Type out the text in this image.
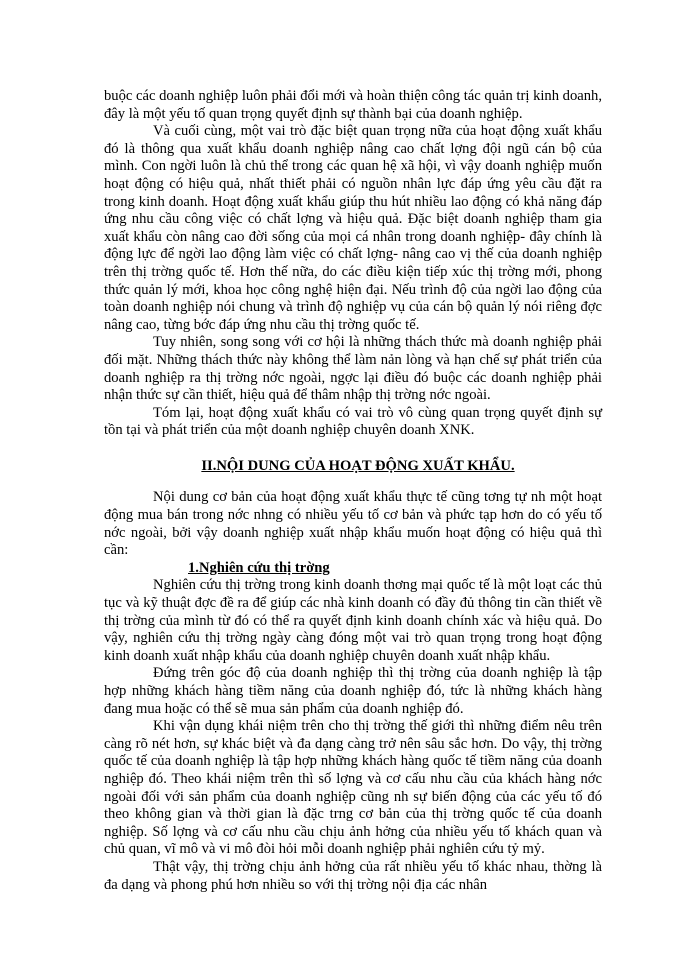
buộc các doanh nghiệp luôn phải đổi mới và hoàn thiện công tác quản trị kinh doanh, đây là một yếu tố quan trọng quyết định sự thành bại của doanh nghiệp.

Và cuối cùng, một vai trò đặc biệt quan trọng nữa của hoạt động xuất khẩu đó là thông qua xuất khẩu doanh nghiệp nâng cao chất lợng đội ngũ cán bộ của mình. Con ngời luôn là chủ thể trong các quan hệ xã hội, vì vậy doanh nghiệp muốn hoạt động có hiệu quả, nhất thiết phải có nguồn nhân lực đáp ứng yêu cầu đặt ra trong kinh doanh. Hoạt động xuất khẩu giúp thu hút nhiều lao động có khả năng đáp ứng nhu cầu công việc có chất lợng và hiệu quả. Đặc biệt doanh nghiệp tham gia xuất khẩu còn nâng cao đời sống của mọi cá nhân trong doanh nghiệp- đây chính là động lực để ngời lao động làm việc có chất lợng- nâng cao vị thế của doanh nghiệp trên thị trờng quốc tế. Hơn thế nữa, do các điều kiện tiếp xúc thị trờng mới, phong thức quản lý mới, khoa học công nghệ hiện đại. Nếu trình độ của ngời lao động của toàn doanh nghiệp nói chung và trình độ nghiệp vụ của cán bộ quản lý nói riêng đợc nâng cao, từng bớc đáp ứng nhu cầu thị trờng quốc tế.

Tuy nhiên, song song với cơ hội là những thách thức mà doanh nghiệp phải đối mặt. Những thách thức này không thể làm nản lòng và hạn chế sự phát triển của doanh nghiệp ra thị trờng nớc ngoài, ngợc lại điều đó buộc các doanh nghiệp phải nhận thức sự cần thiết, hiệu quả để thâm nhập thị trờng nớc ngoài.

Tóm lại, hoạt động xuất khẩu có vai trò vô cùng quan trọng quyết định sự tồn tại và phát triển của một doanh nghiệp chuyên doanh XNK.

II.NỘI DUNG CỦA HOẠT ĐỘNG XUẤT KHẨU.

Nội dung cơ bản của hoạt động xuất khẩu thực tế cũng tơng tự nh một hoạt động mua bán trong nớc nhng có nhiều yếu tố cơ bản và phức tạp hơn do có yếu tố nớc ngoài, bởi vậy doanh nghiệp xuất nhập khẩu muốn hoạt động có hiệu quả thì cần:

1.Nghiên cứu thị trờng

Nghiên cứu thị trờng trong kinh doanh thơng mại quốc tế là một loạt các thủ tục và kỹ thuật đợc đề ra để giúp các nhà kinh doanh có đầy đủ thông tin cần thiết về thị trờng của mình từ đó có thể ra quyết định kinh doanh chính xác và hiệu quả. Do vậy, nghiên cứu thị trờng ngày càng đóng một vai trò quan trọng trong hoạt động kinh doanh xuất nhập khẩu của doanh nghiệp chuyên doanh xuất nhập khẩu.

Đứng trên góc độ của doanh nghiệp thì thị trờng của doanh nghiệp là tập hợp những khách hàng tiềm năng của doanh nghiệp đó, tức là những khách hàng đang mua hoặc có thể sẽ mua sản phẩm của doanh nghiệp đó.

Khi vận dụng khái niệm trên cho thị trờng thế giới thì những điểm nêu trên càng rõ nét hơn, sự khác biệt và đa dạng càng trở nên sâu sắc hơn. Do vậy, thị trờng quốc tế của doanh nghiệp là tập hợp những khách hàng quốc tế tiềm năng của doanh nghiệp đó. Theo khái niệm trên thì số lợng và cơ cấu nhu cầu của khách hàng nớc ngoài đối với sản phẩm của doanh nghiệp cũng nh sự biến động của các yếu tố đó theo không gian và thời gian là đặc trng cơ bản của thị trờng quốc tế của doanh nghiệp. Số lợng và cơ cấu nhu cầu chịu ảnh hởng của nhiều yếu tố khách quan và chủ quan, vĩ mô và vi mô đòi hỏi mỗi doanh nghiệp phải nghiên cứu tỷ mỷ.

Thật vậy, thị trờng chịu ảnh hởng của rất nhiều yếu tố khác nhau, thờng là đa dạng và phong phú hơn nhiều so với thị trờng nội địa các nhân
